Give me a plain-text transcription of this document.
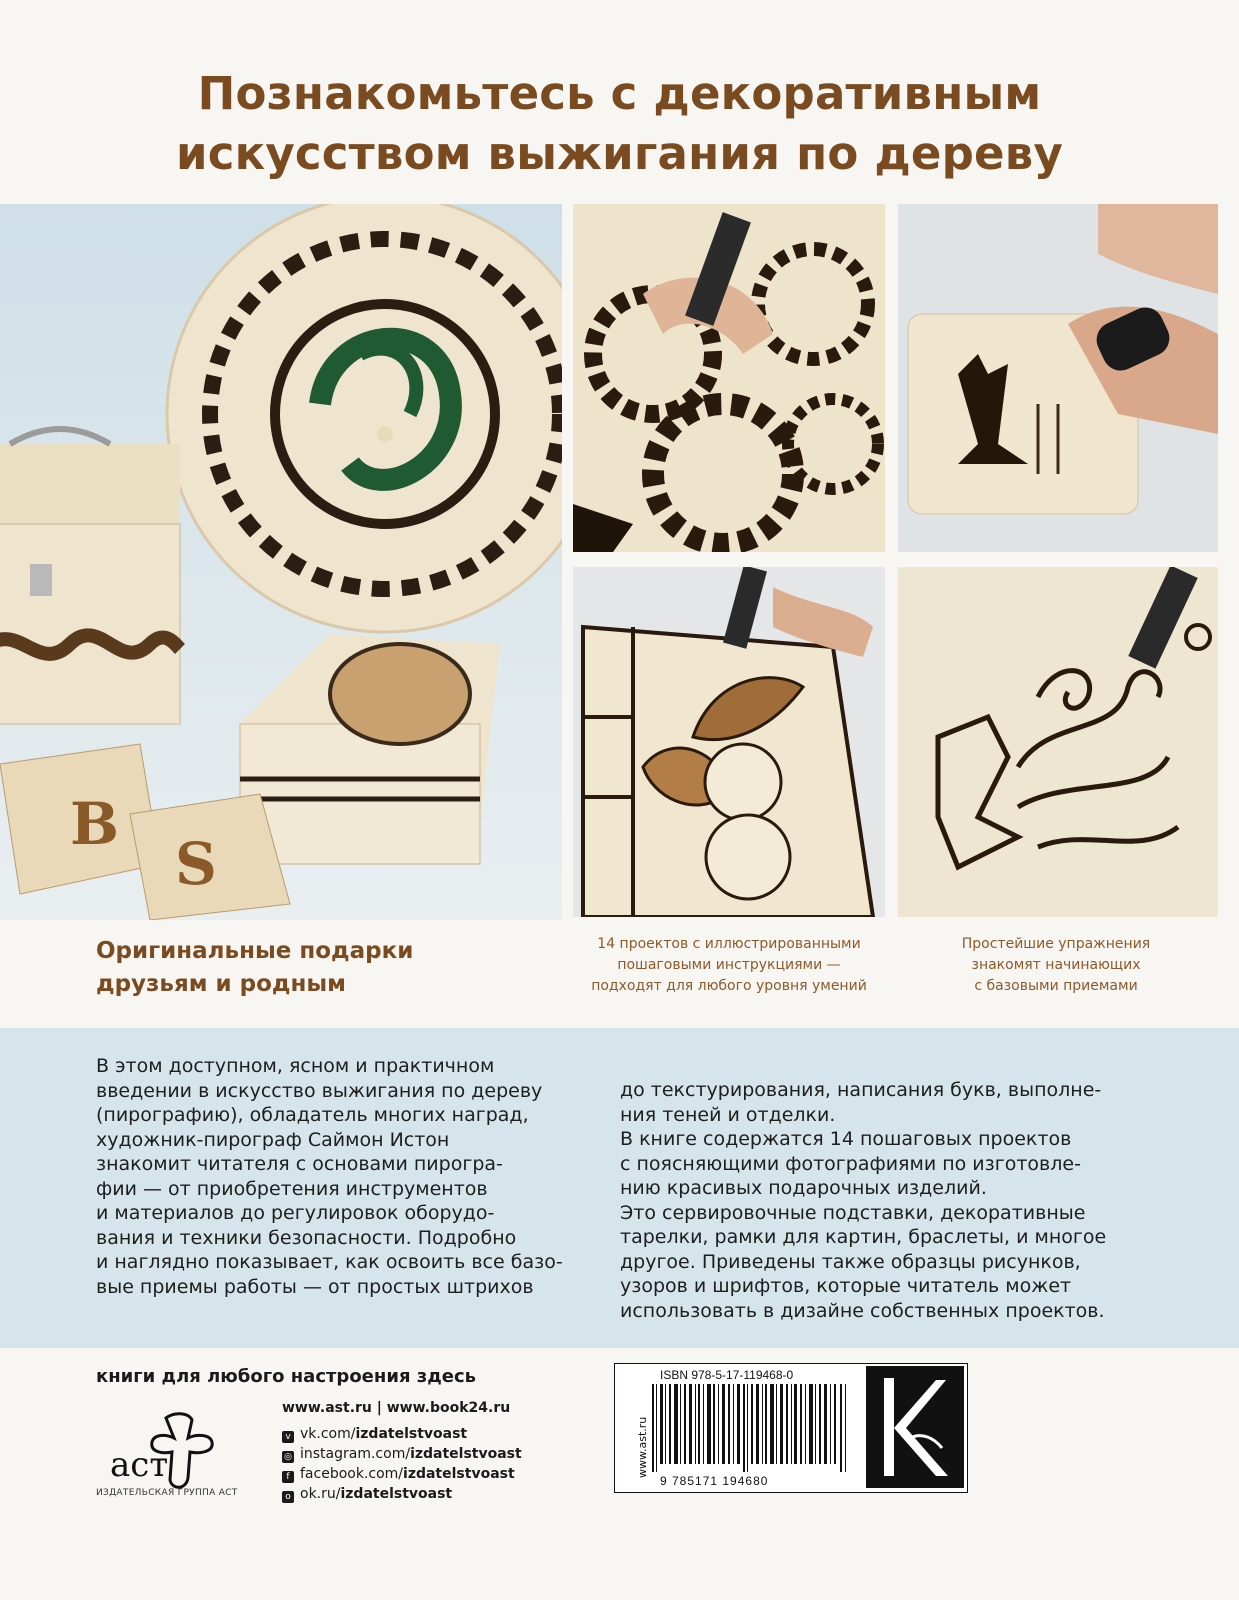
Познакомьтесь с декоративным
искусством выжигания по дереву
B
S
Оригинальные подарки
друзьям и родным
14 проектов с иллюстрированными
пошаговыми инструкциями —
подходят для любого уровня умений
Простейшие упражнения
знакомят начинающих
с базовыми приемами
В этом доступном, ясном и практичном
введении в искусство выжигания по дереву
(пирографию), обладатель многих наград,
художник-пирограф Саймон Истон
знакомит читателя с основами пирогра-
фии — от приобретения инструментов
и материалов до регулировок оборудо-
вания и техники безопасности. Подробно
и наглядно показывает, как освоить все базо-
вые приемы работы — от простых штрихов
до текстурирования, написания букв, выполне-
ния теней и отделки.
В книге содержатся 14 пошаговых проектов
с поясняющими фотографиями по изготовле-
нию красивых подарочных изделий.
Это сервировочные подставки, декоративные
тарелки, рамки для картин, браслеты, и многое
другое. Приведены также образцы рисунков,
узоров и шрифтов, которые читатель может
использовать в дизайне собственных проектов.
книги для любого настроения здесь
www.ast.ru | www.book24.ru
v vk.com/izdatelstvoast
◎ instagram.com/izdatelstvoast
f facebook.com/izdatelstvoast
o ok.ru/izdatelstvoast
аст
ИЗДАТЕЛЬСКАЯ ГРУППА АСТ
ISBN 978-5-17-119468-0
9 785171 194680
www.ast.ru
